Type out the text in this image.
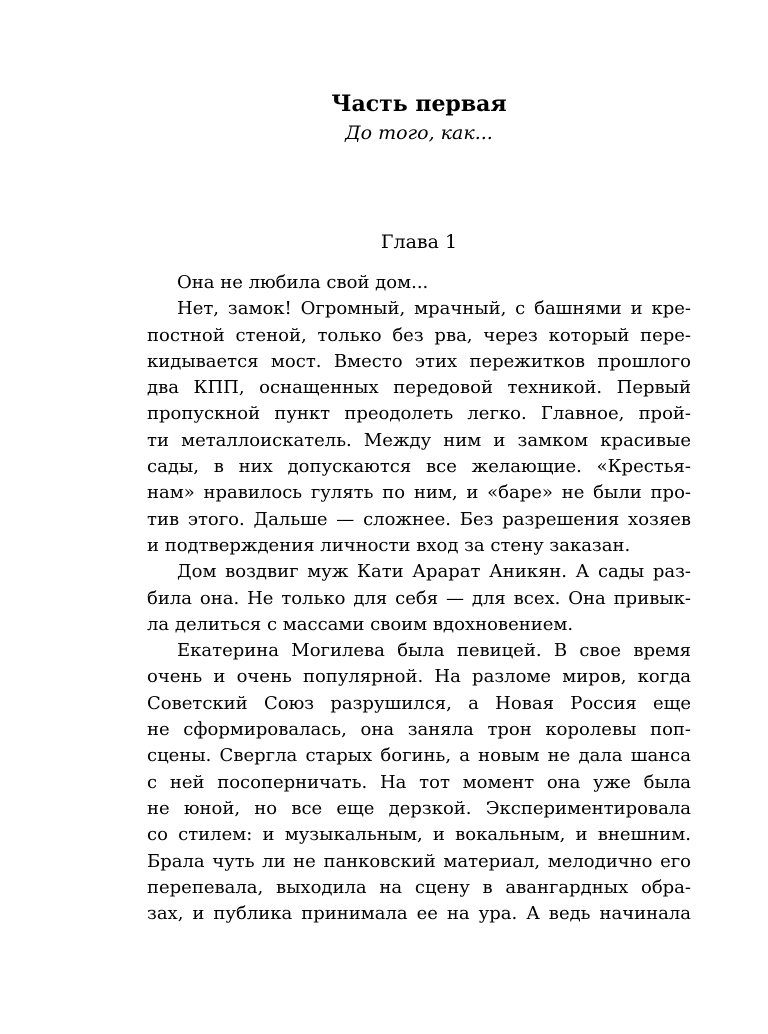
Часть первая
До того, как...
Глава 1
Она не любила свой дом...
Нет, замок! Огромный, мрачный, с башнями и кре-
постной стеной, только без рва, через который пере-
кидывается мост. Вместо этих пережитков прошлого
два КПП, оснащенных передовой техникой. Первый
пропускной пункт преодолеть легко. Главное, прой-
ти металлоискатель. Между ним и замком красивые
сады, в них допускаются все желающие. «Крестья-
нам» нравилось гулять по ним, и «баре» не были про-
тив этого. Дальше — сложнее. Без разрешения хозяев
и подтверждения личности вход за стену заказан.
Дом воздвиг муж Кати Арарат Аникян. А сады раз-
била она. Не только для себя — для всех. Она привык-
ла делиться с массами своим вдохновением.
Екатерина Могилева была певицей. В свое время
очень и очень популярной. На разломе миров, когда
Советский Союз разрушился, а Новая Россия еще
не сформировалась, она заняла трон королевы поп-
сцены. Свергла старых богинь, а новым не дала шанса
с ней посоперничать. На тот момент она уже была
не юной, но все еще дерзкой. Экспериментировала
со стилем: и музыкальным, и вокальным, и внешним.
Брала чуть ли не панковский материал, мелодично его
перепевала, выходила на сцену в авангардных обра-
зах, и публика принимала ее на ура. А ведь начинала
